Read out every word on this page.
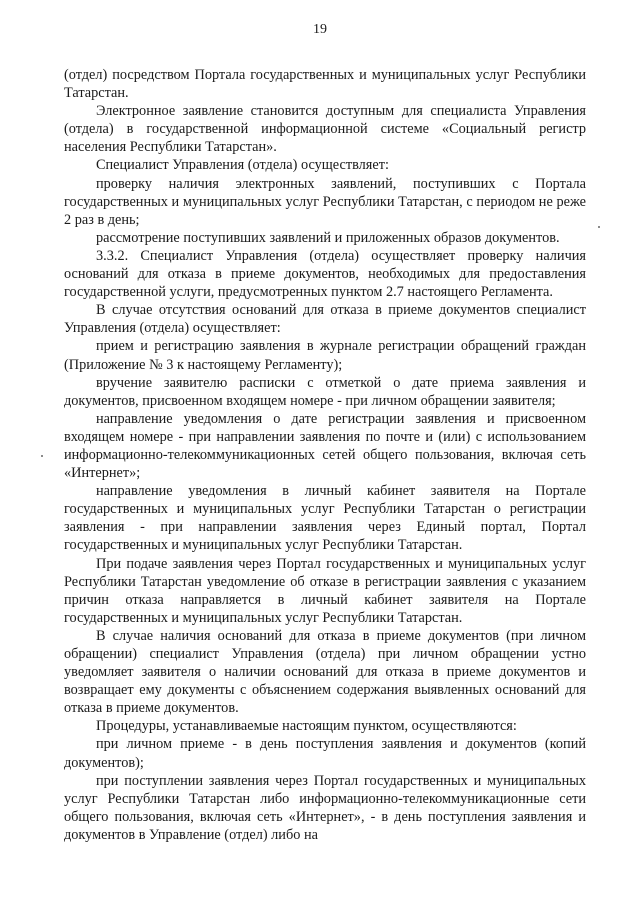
19

(отдел) посредством Портала государственных и муниципальных услуг Республики Татарстан.

Электронное заявление становится доступным для специалиста Управления (отдела) в государственной информационной системе «Социальный регистр населения Республики Татарстан».

Специалист Управления (отдела) осуществляет:

проверку наличия электронных заявлений, поступивших с Портала государственных и муниципальных услуг Республики Татарстан, с периодом не реже 2 раз в день;

рассмотрение поступивших заявлений и приложенных образов документов.

3.3.2. Специалист Управления (отдела) осуществляет проверку наличия оснований для отказа в приеме документов, необходимых для предоставления государственной услуги, предусмотренных пунктом 2.7 настоящего Регламента.

В случае отсутствия оснований для отказа в приеме документов специалист Управления (отдела) осуществляет:

прием и регистрацию заявления в журнале регистрации обращений граждан (Приложение № 3 к настоящему Регламенту);

вручение заявителю расписки с отметкой о дате приема заявления и документов, присвоенном входящем номере - при личном обращении заявителя;

направление уведомления о дате регистрации заявления и присвоенном входящем номере - при направлении заявления по почте и (или) с использованием информационно-телекоммуникационных сетей общего пользования, включая сеть «Интернет»;

направление уведомления в личный кабинет заявителя на Портале государственных и муниципальных услуг Республики Татарстан о регистрации заявления - при направлении заявления через Единый портал, Портал государственных и муниципальных услуг Республики Татарстан.

При подаче заявления через Портал государственных и муниципальных услуг Республики Татарстан уведомление об отказе в регистрации заявления с указанием причин отказа направляется в личный кабинет заявителя на Портале государственных и муниципальных услуг Республики Татарстан.

В случае наличия оснований для отказа в приеме документов (при личном обращении) специалист Управления (отдела) при личном обращении устно уведомляет заявителя о наличии оснований для отказа в приеме документов и возвращает ему документы с объяснением содержания выявленных оснований для отказа в приеме документов.

Процедуры, устанавливаемые настоящим пунктом, осуществляются:

при личном приеме - в день поступления заявления и документов (копий документов);

при поступлении заявления через Портал государственных и муниципальных услуг Республики Татарстан либо информационно-телекоммуникационные сети общего пользования, включая сеть «Интернет», - в день поступления заявления и документов в Управление (отдел) либо на
